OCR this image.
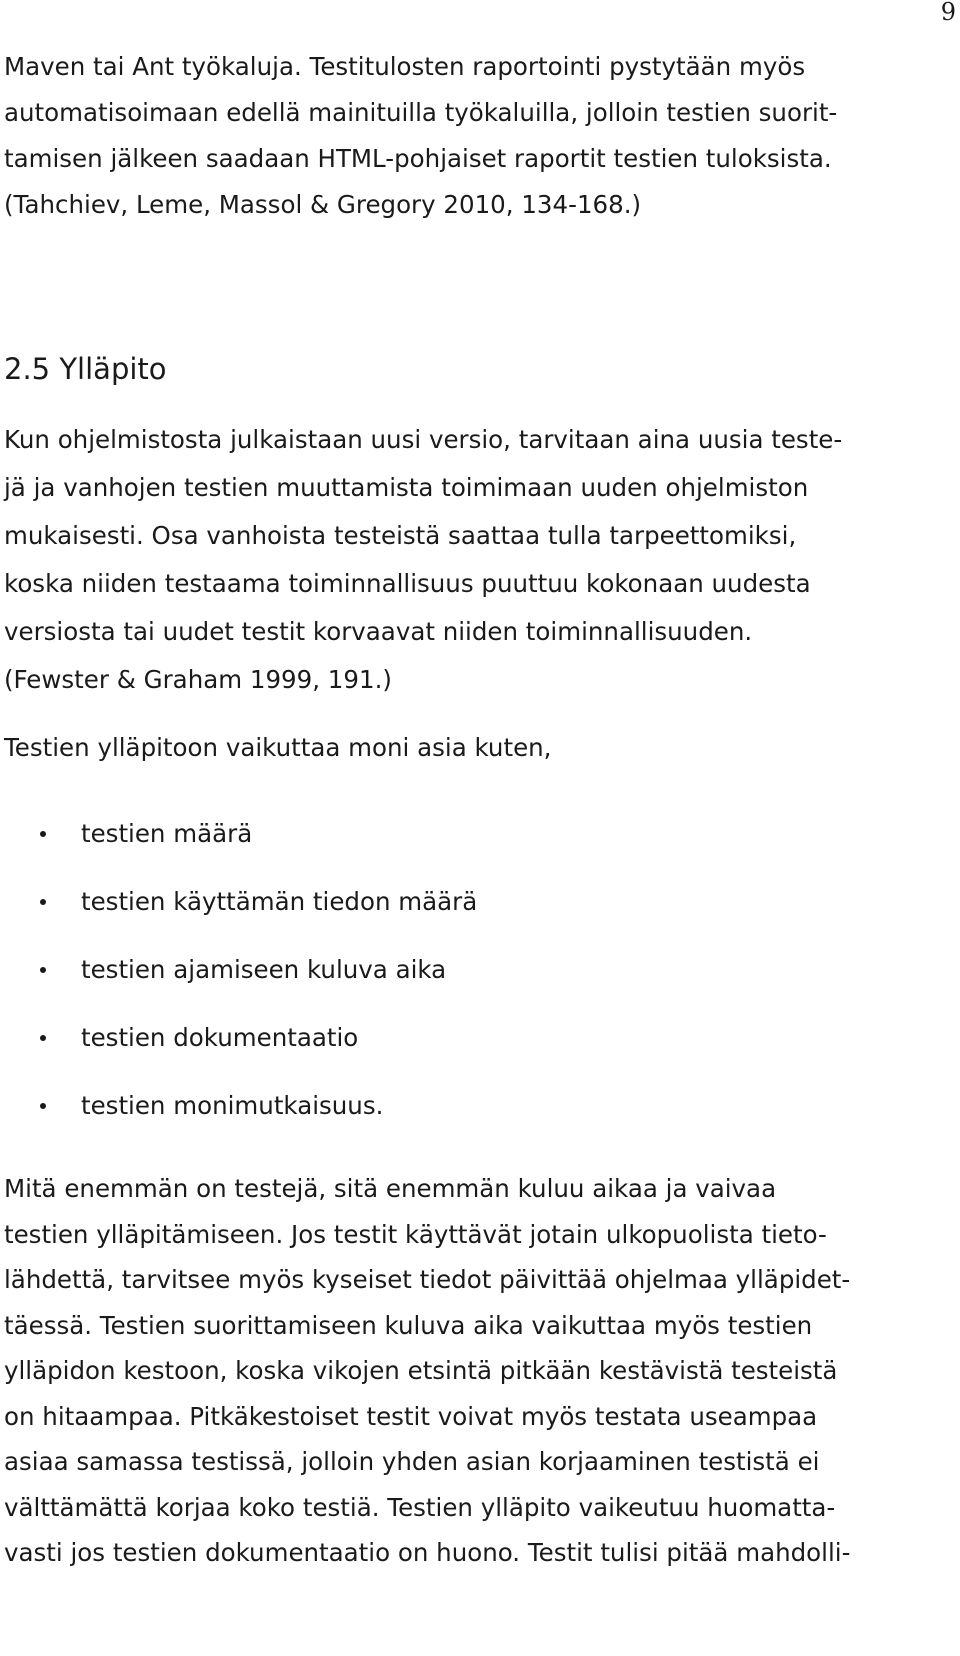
9
Maven tai Ant työkaluja. Testitulosten raportointi pystytään myös
automatisoimaan edellä mainituilla työkaluilla, jolloin testien suorit-
tamisen jälkeen saadaan HTML-pohjaiset raportit testien tuloksista.
(Tahchiev, Leme, Massol & Gregory 2010, 134-168.)
2.5 Ylläpito
Kun ohjelmistosta julkaistaan uusi versio, tarvitaan aina uusia teste-
jä ja vanhojen testien muuttamista toimimaan uuden ohjelmiston
mukaisesti. Osa vanhoista testeistä saattaa tulla tarpeettomiksi,
koska niiden testaama toiminnallisuus puuttuu kokonaan uudesta
versiosta tai uudet testit korvaavat niiden toiminnallisuuden.
(Fewster & Graham 1999, 191.)
Testien ylläpitoon vaikuttaa moni asia kuten,
testien määrä
testien käyttämän tiedon määrä
testien ajamiseen kuluva aika
testien dokumentaatio
testien monimutkaisuus.
Mitä enemmän on testejä, sitä enemmän kuluu aikaa ja vaivaa
testien ylläpitämiseen. Jos testit käyttävät jotain ulkopuolista tieto-
lähdettä, tarvitsee myös kyseiset tiedot päivittää ohjelmaa ylläpidet-
täessä. Testien suorittamiseen kuluva aika vaikuttaa myös testien
ylläpidon kestoon, koska vikojen etsintä pitkään kestävistä testeistä
on hitaampaa. Pitkäkestoiset testit voivat myös testata useampaa
asiaa samassa testissä, jolloin yhden asian korjaaminen testistä ei
välttämättä korjaa koko testiä. Testien ylläpito vaikeutuu huomatta-
vasti jos testien dokumentaatio on huono. Testit tulisi pitää mahdolli-
